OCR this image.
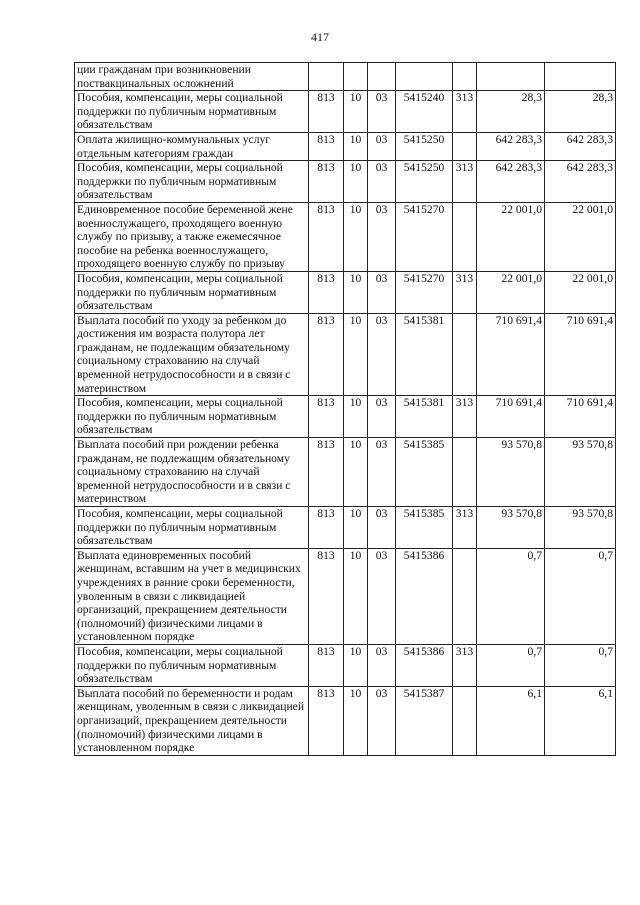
417
ции гражданам при возникновении поствакцинальных осложнений							
Пособия, компенсации, меры социальной поддержки по публичным нормативным обязательствам	813	10	03	5415240	313	28,3	28,3
Оплата жилищно-коммунальных услуг отдельным категориям граждан	813	10	03	5415250		642 283,3	642 283,3
Пособия, компенсации, меры социальной поддержки по публичным нормативным обязательствам	813	10	03	5415250	313	642 283,3	642 283,3
Единовременное пособие беременной жене военнослужащего, проходящего военную службу по призыву, а также ежемесячное пособие на ребенка военнослужащего, проходящего военную службу по призыву	813	10	03	5415270		22 001,0	22 001,0
Пособия, компенсации, меры социальной поддержки по публичным нормативным обязательствам	813	10	03	5415270	313	22 001,0	22 001,0
Выплата пособий по уходу за ребенком до достижения им возраста полутора лет гражданам, не подлежащим обязательному социальному страхованию на случай временной нетрудоспособности и в связи с материнством	813	10	03	5415381		710 691,4	710 691,4
Пособия, компенсации, меры социальной поддержки по публичным нормативным обязательствам	813	10	03	5415381	313	710 691,4	710 691,4
Выплата пособий при рождении ребенка гражданам, не подлежащим обязательному социальному страхованию на случай временной нетрудоспособности и в связи с материнством	813	10	03	5415385		93 570,8	93 570,8
Пособия, компенсации, меры социальной поддержки по публичным нормативным обязательствам	813	10	03	5415385	313	93 570,8	93 570,8
Выплата единовременных пособий женщинам, вставшим на учет в медицинских учреждениях в ранние сроки беременности, уволенным в связи с ликвидацией организаций, прекращением деятельности (полномочий) физическими лицами в установленном порядке	813	10	03	5415386		0,7	0,7
Пособия, компенсации, меры социальной поддержки по публичным нормативным обязательствам	813	10	03	5415386	313	0,7	0,7
Выплата пособий по беременности и родам женщинам, уволенным в связи с ликвидацией организаций, прекращением деятельности (полномочий) физическими лицами в установленном порядке	813	10	03	5415387		6,1	6,1
